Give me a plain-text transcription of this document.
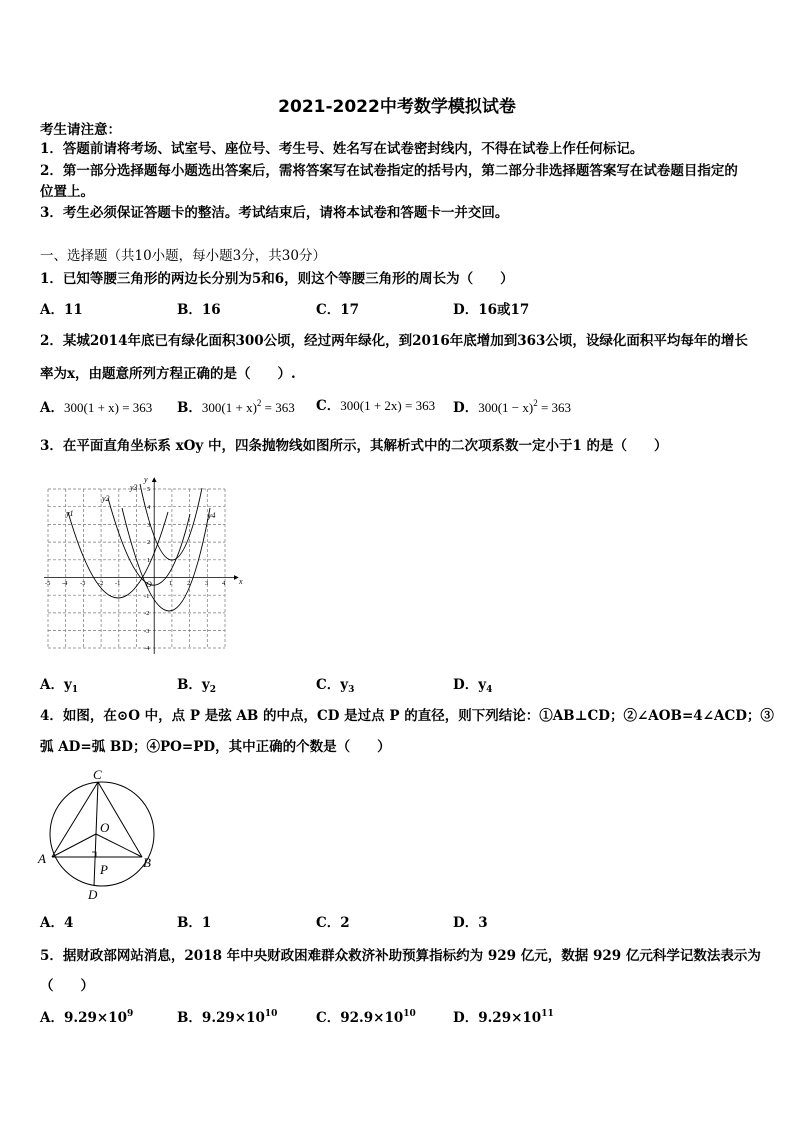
2021-2022中考数学模拟试卷
考生请注意：
1．答题前请将考场、试室号、座位号、考生号、姓名写在试卷密封线内，不得在试卷上作任何标记。
2．第一部分选择题每小题选出答案后，需将答案写在试卷指定的括号内，第二部分非选择题答案写在试卷题目指定的
位置上。
3．考生必须保证答题卡的整洁。考试结束后，请将本试卷和答题卡一并交回。
一、选择题（共10小题，每小题3分，共30分）
1．已知等腰三角形的两边长分别为5和6，则这个等腰三角形的周长为（　　）
A．11	B．16	C．17	D．16或17
2．某城2014年底已有绿化面积300公顷，经过两年绿化，到2016年底增加到363公顷，设绿化面积平均每年的增长
率为x，由题意所列方程正确的是（　　）.
A．300(1 + x) = 363 B．$300(1 + x)^2 = 363$ C．300(1 + 2x) = 363 D．$300(1 - x)^2 = 363$
3．在平面直角坐标系 xOy 中，四条抛物线如图所示，其解析式中的二次项系数一定小于1 的是（　　）
x
y
O
-5 -4 -3 -2 -1	1 2 3 4
5
4
3
2
1
-1
-2
-3
-4
y1
y2
y3
y4
A．$y_1$	B．$y_2$	C．$y_3$	D．$y_4$
4．如图，在⊙O 中，点 P 是弦 AB 的中点，CD 是过点 P 的直径，则下列结论：①AB⊥CD；②∠AOB=4∠ACD；③
弧 AD=弧 BD；④PO=PD，其中正确的个数是（　　）
C
O
A	B
P
D
A．4	B．1	C．2	D．3
5．据财政部网站消息，2018 年中央财政困难群众救济补助预算指标约为 929 亿元，数据 929 亿元科学记数法表示为
（　　）
A．$9.29\times 10^9$	B．$9.29\times 10^{10}$	C．$92.9\times 10^{10}$	D．$9.29\times 10^{11}$
